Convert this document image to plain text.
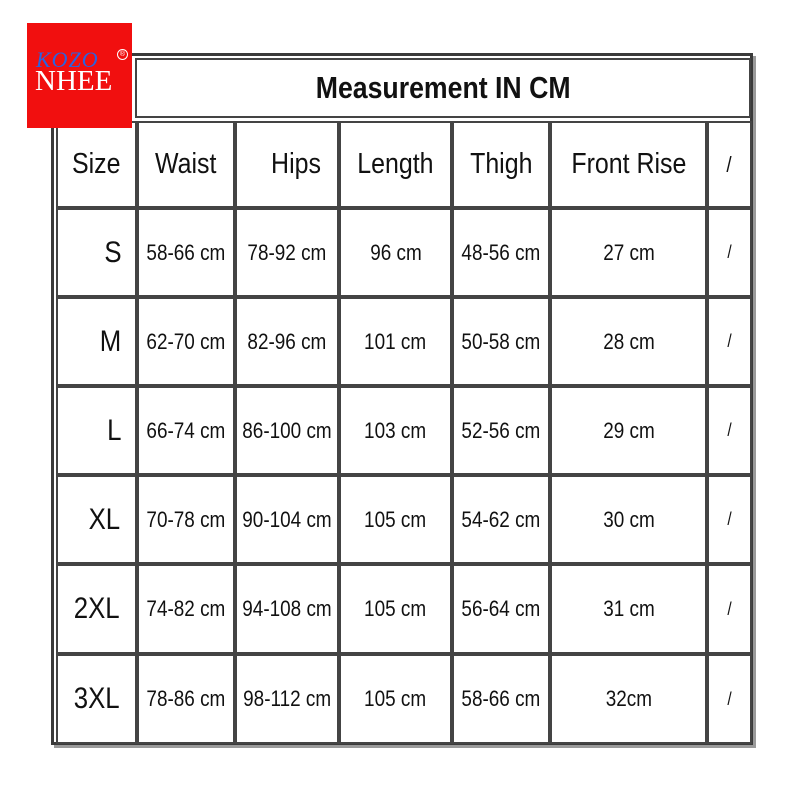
KOZO
NHEE
®
Measurement IN CM
Size Waist Hips Length Thigh Front Rise /
S 58-66 cm 78-92 cm 96 cm 48-56 cm	27 cm	/
M 62-70 cm 82-96 cm 101 cm 50-58 cm	28 cm	/
L 66-74 cm 86-100 cm 103 cm 52-56 cm	29 cm	/
XL 70-78 cm 90-104 cm 105 cm 54-62 cm	30 cm	/
2XL 74-82 cm 94-108 cm 105 cm 56-64 cm	31 cm	/
3XL 78-86 cm 98-112 cm 105 cm 58-66 cm	32cm	/
